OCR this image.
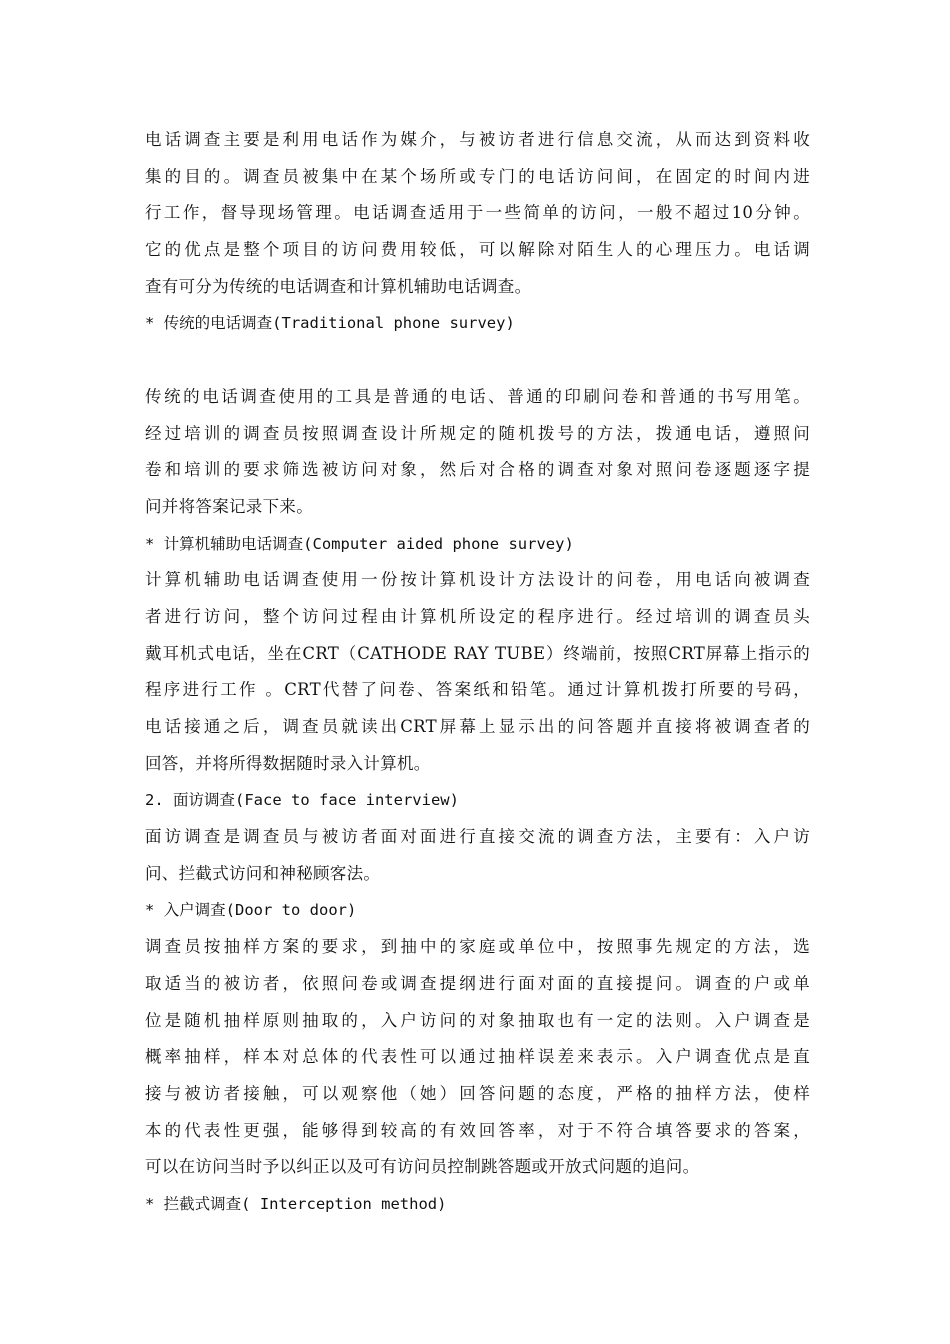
电话调查主要是利用电话作为媒介，与被访者进行信息交流，从而达到资料收
集的目的。调查员被集中在某个场所或专门的电话访问间，在固定的时间内进
行工作，督导现场管理。电话调查适用于一些简单的访问，一般不超过10分钟。
它的优点是整个项目的访问费用较低，可以解除对陌生人的心理压力。电话调
查有可分为传统的电话调查和计算机辅助电话调查。
* 传统的电话调查(Traditional phone survey)
传统的电话调查使用的工具是普通的电话、普通的印刷问卷和普通的书写用笔。
经过培训的调查员按照调查设计所规定的随机拨号的方法，拨通电话，遵照问
卷和培训的要求筛选被访问对象，然后对合格的调查对象对照问卷逐题逐字提
问并将答案记录下来。
* 计算机辅助电话调查(Computer aided phone survey)
计算机辅助电话调查使用一份按计算机设计方法设计的问卷，用电话向被调查
者进行访问，整个访问过程由计算机所设定的程序进行。经过培训的调查员头
戴耳机式电话，坐在CRT（CATHODE RAY TUBE）终端前，按照CRT屏幕上指示的
程序进行工作 。CRT代替了问卷、答案纸和铅笔。通过计算机拨打所要的号码，
电话接通之后，调查员就读出CRT屏幕上显示出的问答题并直接将被调查者的
回答，并将所得数据随时录入计算机。
2. 面访调查(Face to face interview)
面访调查是调查员与被访者面对面进行直接交流的调查方法，主要有：入户访
问、拦截式访问和神秘顾客法。
* 入户调查(Door to door)
调查员按抽样方案的要求，到抽中的家庭或单位中，按照事先规定的方法，选
取适当的被访者，依照问卷或调查提纲进行面对面的直接提问。调查的户或单
位是随机抽样原则抽取的，入户访问的对象抽取也有一定的法则。入户调查是
概率抽样，样本对总体的代表性可以通过抽样误差来表示。入户调查优点是直
接与被访者接触，可以观察他（她）回答问题的态度，严格的抽样方法，使样
本的代表性更强，能够得到较高的有效回答率，对于不符合填答要求的答案，
可以在访问当时予以纠正以及可有访问员控制跳答题或开放式问题的追问。
* 拦截式调查( Interception method)
